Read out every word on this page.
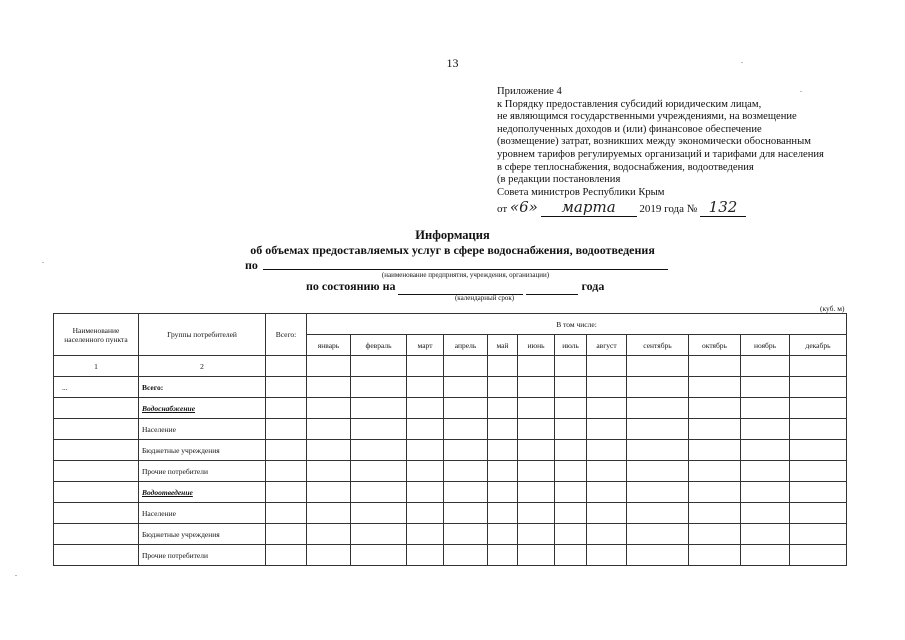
13
Приложение 4
к Порядку предоставления субсидий юридическим лицам,
не являющимся государственными учреждениями, на возмещение
недополученных доходов и (или) финансовое обеспечение
(возмещение) затрат, возникших между экономически обоснованным
уровнем тарифов регулируемых организаций и тарифами для населения
в сфере теплоснабжения, водоснабжения, водоотведения
(в редакции постановления
Совета министров Республики Крым
от «6» марта 2019 года № 132
Информация
об объемах предоставляемых услуг в сфере водоснабжения, водоотведения
по
(наименование предприятия, учреждения, организации)
по состоянию на	года
(календарный срок)
(куб. м)
Наименование населенного пункта	Группы потребителей	Всего:	В том числе:											
			январь	февраль	март	апрель	май	июнь	июль	август	сентябрь	октябрь	ноябрь	декабрь
1	2													
...	Всего:													
	Водоснабжение													
	Население													
	Бюджетные учреждения													
	Прочие потребители													
	Водоотведение													
	Население													
	Бюджетные учреждения													
	Прочие потребители													
